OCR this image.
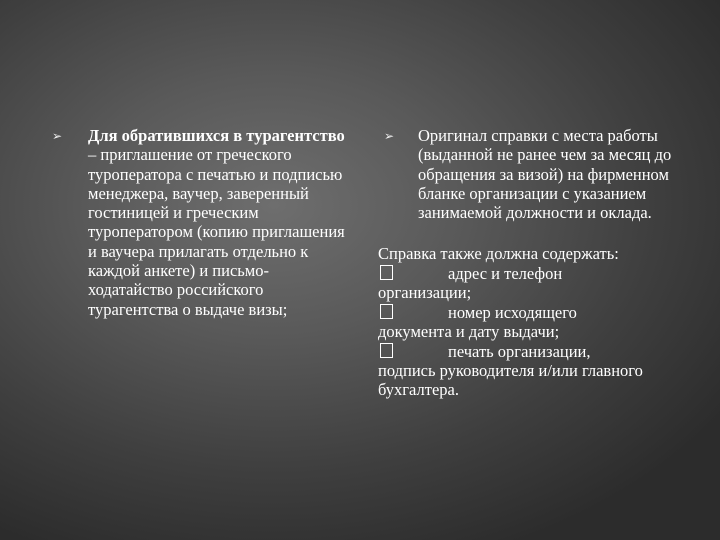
➢ Для обратившихся в турагентство – приглашение от греческого туроператора с печатью и подписью менеджера, ваучер, заверенный гостиницей и греческим туроператором (копию приглашения и ваучера прилагать отдельно к каждой анкете) и письмо-ходатайство российского турагентства о выдаче визы;
➢ Оригинал справки с места работы (выданной не ранее чем за месяц до обращения за визой) на фирменном бланке организации с указанием занимаемой должности и оклада.
Справка также должна содержать:
адрес и телефон
организации;
номер исходящего
документа и дату выдачи;
печать организации,
подпись руководителя и/или главного бухгалтера.
